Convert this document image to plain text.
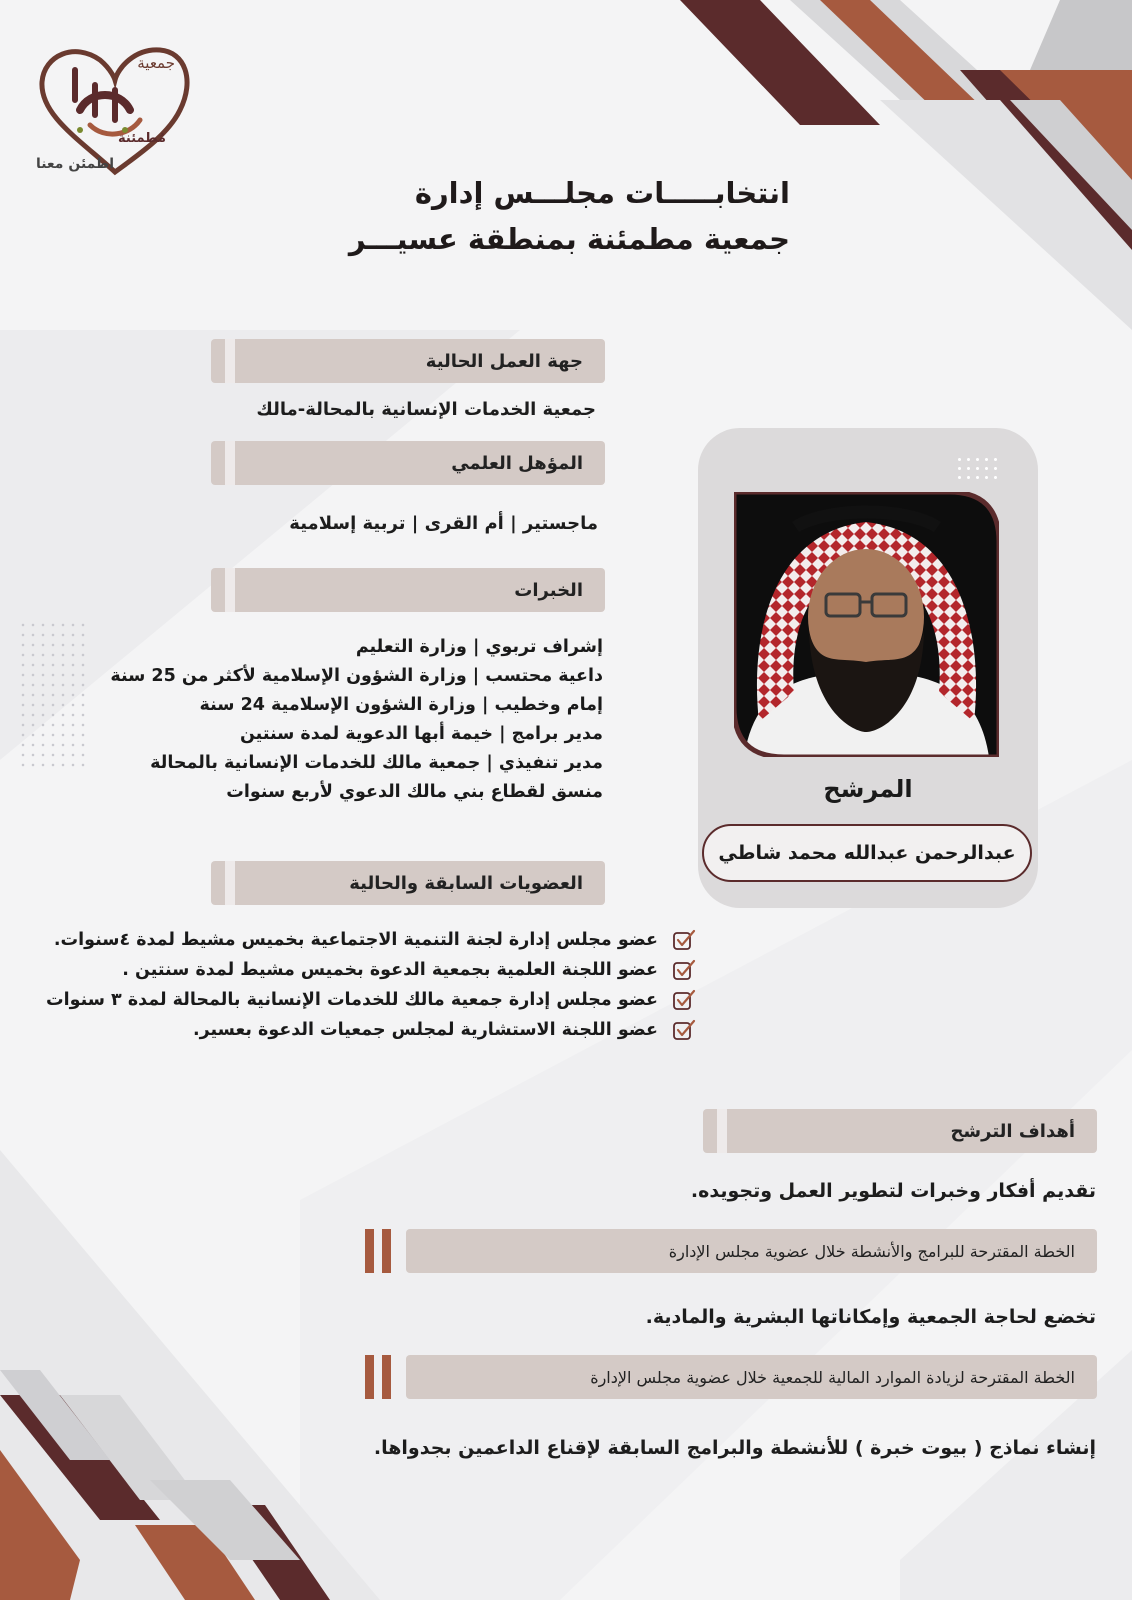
جمعية
مُطمئنة
اطمئن معنا
انتخابـــــات مجلـــس إدارة
جمعية مطمئنة بمنطقة عسيـــر
جهة العمل الحالية
جمعية الخدمات الإنسانية بالمحالة-مالك
المؤهل العلمي
ماجستير | أم القرى | تربية إسلامية
الخبرات
إشراف تربوي | وزارة التعليم
داعية محتسب | وزارة الشؤون الإسلامية لأكثر من 25 سنة
إمام وخطيب | وزارة الشؤون الإسلامية 24 سنة
مدير برامج | خيمة أبها الدعوية لمدة سنتين
مدير تنفيذي | جمعية مالك للخدمات الإنسانية بالمحالة
منسق لقطاع بني مالك الدعوي لأربع سنوات
العضويات السابقة والحالية
عضو مجلس إدارة لجنة التنمية الاجتماعية بخميس مشيط لمدة ٤سنوات.
عضو اللجنة العلمية بجمعية الدعوة بخميس مشيط لمدة سنتين .
عضو مجلس إدارة جمعية مالك للخدمات الإنسانية بالمحالة لمدة ٣ سنوات
عضو اللجنة الاستشارية لمجلس جمعيات الدعوة بعسير.
المرشح
عبدالرحمن عبدالله محمد شاطي
أهداف الترشح
تقديم أفكار وخبرات لتطوير العمل وتجويده.
الخطة المقترحة للبرامج والأنشطة خلال عضوية مجلس الإدارة
تخضع لحاجة الجمعية وإمكاناتها البشرية والمادية.
الخطة المقترحة لزيادة الموارد المالية للجمعية خلال عضوية مجلس الإدارة
إنشاء نماذج ( بيوت خبرة ) للأنشطة والبرامج السابقة لإقناع الداعمين بجدواها.
